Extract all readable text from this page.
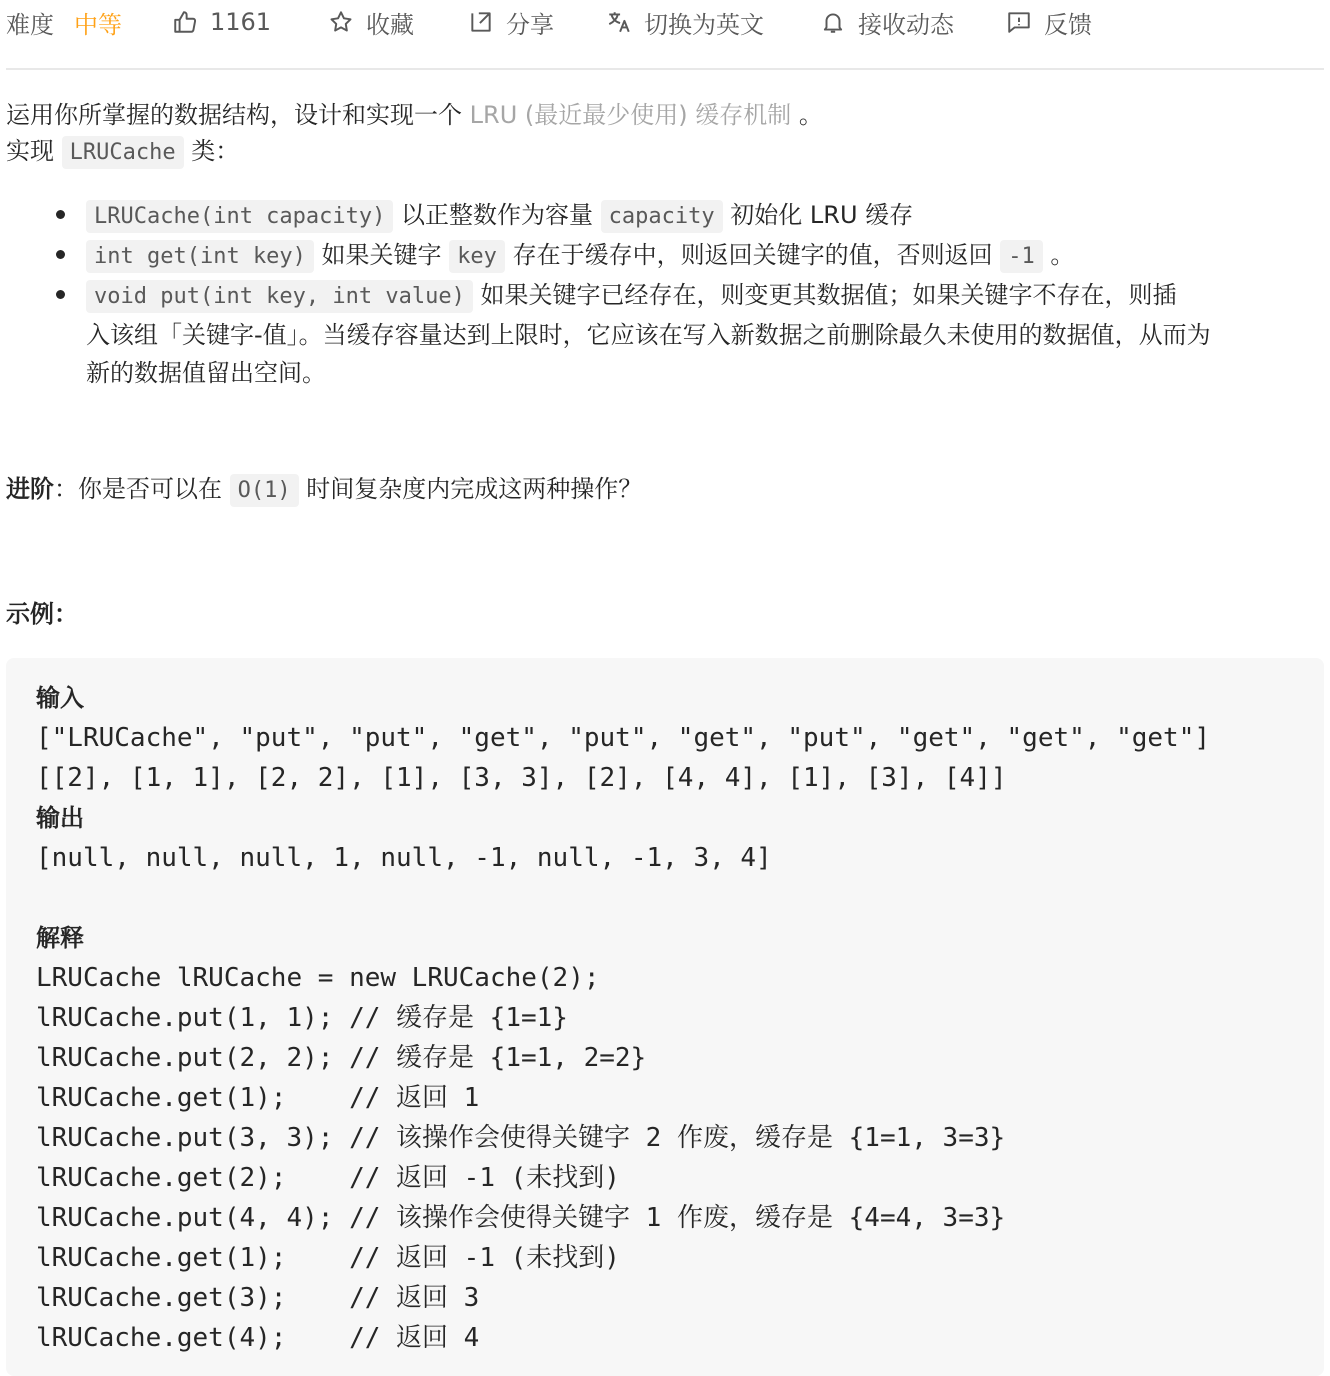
难度 中等	1161	收藏	分享	切换为英文	接收动态	反馈
运用你所掌握的数据结构，设计和实现一个 LRU (最近最少使用) 缓存机制 。
实现 LRUCache 类：
LRUCache(int capacity) 以正整数作为容量 capacity 初始化 LRU 缓存
int get(int key) 如果关键字 key 存在于缓存中，则返回关键字的值，否则返回 -1 。
void put(int key, int value) 如果关键字已经存在，则变更其数据值；如果关键字不存在，则插
入该组「关键字-值」。当缓存容量达到上限时，它应该在写入新数据之前删除最久未使用的数据值，从而为
新的数据值留出空间。
进阶：你是否可以在 O(1) 时间复杂度内完成这两种操作？
示例：
输入
["LRUCache", "put", "put", "get", "put", "get", "put", "get", "get", "get"]
[[2], [1, 1], [2, 2], [1], [3, 3], [2], [4, 4], [1], [3], [4]]
输出
[null, null, null, 1, null, -1, null, -1, 3, 4]
解释
LRUCache lRUCache = new LRUCache(2);
lRUCache.put(1, 1); // 缓存是 {1=1}
lRUCache.put(2, 2); // 缓存是 {1=1, 2=2}
lRUCache.get(1);    // 返回 1
lRUCache.put(3, 3); // 该操作会使得关键字 2 作废，缓存是 {1=1, 3=3}
lRUCache.get(2);    // 返回 -1 (未找到)
lRUCache.put(4, 4); // 该操作会使得关键字 1 作废，缓存是 {4=4, 3=3}
lRUCache.get(1);    // 返回 -1 (未找到)
lRUCache.get(3);    // 返回 3
lRUCache.get(4);    // 返回 4
